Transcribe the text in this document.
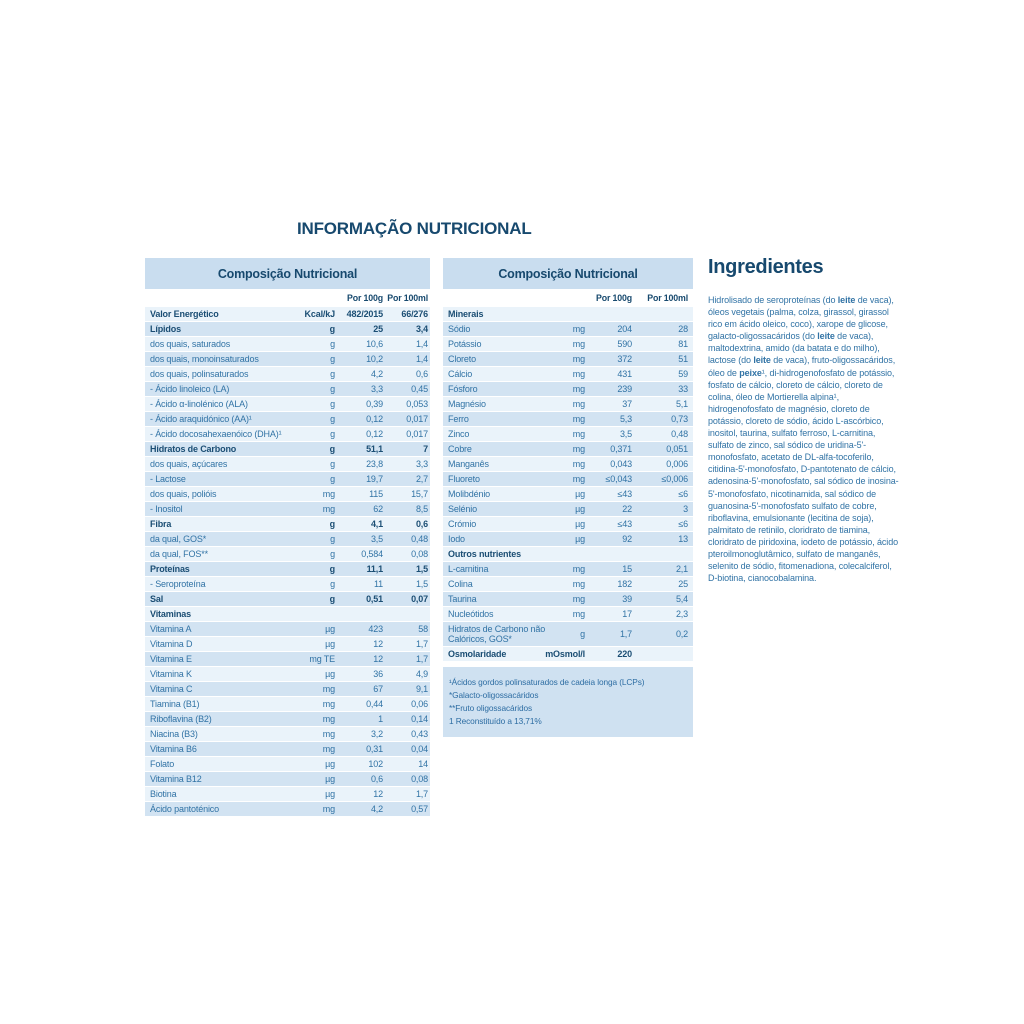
INFORMAÇÃO NUTRICIONAL
Composição Nutricional
Por 100g Por 100ml
Valor Energético	Kcal/kJ	482/2015	66/276
Lípidos	g	25	3,4
dos quais, saturados	g	10,6	1,4
dos quais, monoinsaturados	g	10,2	1,4
dos quais, polinsaturados	g	4,2	0,6
- Ácido linoleico (LA)	g	3,3	0,45
- Ácido α-linolénico (ALA)	g	0,39	0,053
- Ácido araquidónico (AA)¹	g	0,12	0,017
- Ácido docosahexaenóico (DHA)¹	g	0,12	0,017
Hidratos de Carbono	g	51,1	7
dos quais, açúcares	g	23,8	3,3
- Lactose	g	19,7	2,7
dos quais, polióis	mg	115	15,7
- Inositol	mg	62	8,5
Fibra	g	4,1	0,6
da qual, GOS*	g	3,5	0,48
da qual, FOS**	g	0,584	0,08
Proteínas	g	11,1	1,5
- Seroproteína	g	11	1,5
Sal	g	0,51	0,07
Vitaminas
Vitamina A	µg	423	58
Vitamina D	µg	12	1,7
Vitamina E	mg TE	12	1,7
Vitamina K	µg	36	4,9
Vitamina C	mg	67	9,1
Tiamina (B1)	mg	0,44	0,06
Riboflavina (B2)	mg	1	0,14
Niacina (B3)	mg	3,2	0,43
Vitamina B6	mg	0,31	0,04
Folato	µg	102	14
Vitamina B12	µg	0,6	0,08
Biotina	µg	12	1,7
Ácido pantoténico	mg	4,2	0,57
Composição Nutricional
Por 100g	Por 100ml
Minerais
Sódio	mg	204	28
Potássio	mg	590	81
Cloreto	mg	372	51
Cálcio	mg	431	59
Fósforo	mg	239	33
Magnésio	mg	37	5,1
Ferro	mg	5,3	0,73
Zinco	mg	3,5	0,48
Cobre	mg	0,371	0,051
Manganês	mg	0,043	0,006
Fluoreto	mg	≤0,043	≤0,006
Molibdénio	µg	≤43	≤6
Selénio	µg	22	3
Crómio	µg	≤43	≤6
Iodo	µg	92	13
Outros nutrientes
L-carnitina	mg	15	2,1
Colina	mg	182	25
Taurina	mg	39	5,4
Nucleótidos	mg	17	2,3
Hidratos de Carbono não Calóricos, GOS*	g	1,7	0,2
Osmolaridade	mOsmol/l	220
¹Ácidos gordos polinsaturados de cadeia longa (LCPs)
*Galacto-oligossacáridos
**Fruto oligossacáridos
1 Reconstituído a 13,71%
Ingredientes

Hidrolisado de seroproteínas (do leite de vaca), óleos vegetais (palma, colza, girassol, girassol rico em ácido oleico, coco), xarope de glicose, galacto-oligossacáridos (do leite de vaca), maltodextrina, amido (da batata e do milho), lactose (do leite de vaca), fruto-oligossacáridos, óleo de peixe¹, di-hidrogenofosfato de potássio, fosfato de cálcio, cloreto de cálcio, cloreto de colina, óleo de Mortierella alpina¹, hidrogenofosfato de magnésio, cloreto de potássio, cloreto de sódio, ácido L-ascórbico, inositol, taurina, sulfato ferroso, L-carnitina, sulfato de zinco, sal sódico de uridina-5'-monofosfato, acetato de DL-alfa-tocoferilo, citidina-5'-monofosfato, D-pantotenato de cálcio, adenosina-5'-monofosfato, sal sódico de inosina-5'-monofosfato, nicotinamida, sal sódico de guanosina-5'-monofosfato sulfato de cobre, riboflavina, emulsionante (lecitina de soja), palmitato de retinilo, cloridrato de tiamina, cloridrato de piridoxina, iodeto de potássio, ácido pteroilmonoglutâmico, sulfato de manganês, selenito de sódio, fitomenadiona, colecalciferol, D-biotina, cianocobalamina.
